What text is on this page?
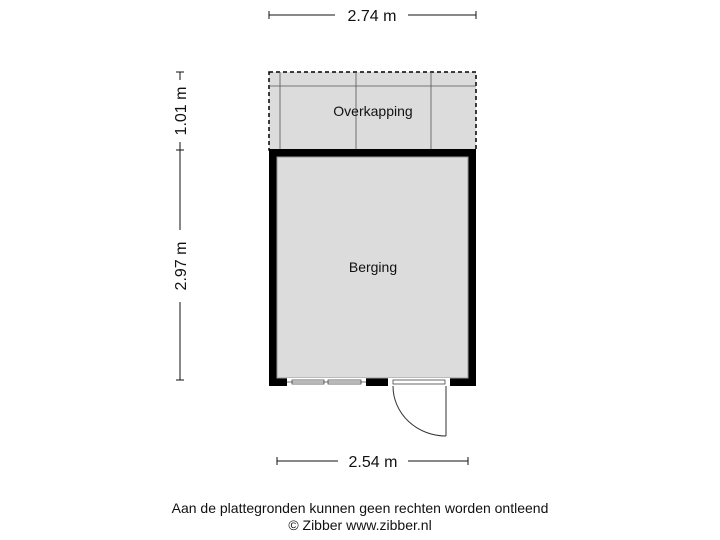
2.74 m
1.01 m
2.97 m
Overkapping
Berging
2.54 m
Aan de plattegronden kunnen geen rechten worden ontleend
© Zibber www.zibber.nl
